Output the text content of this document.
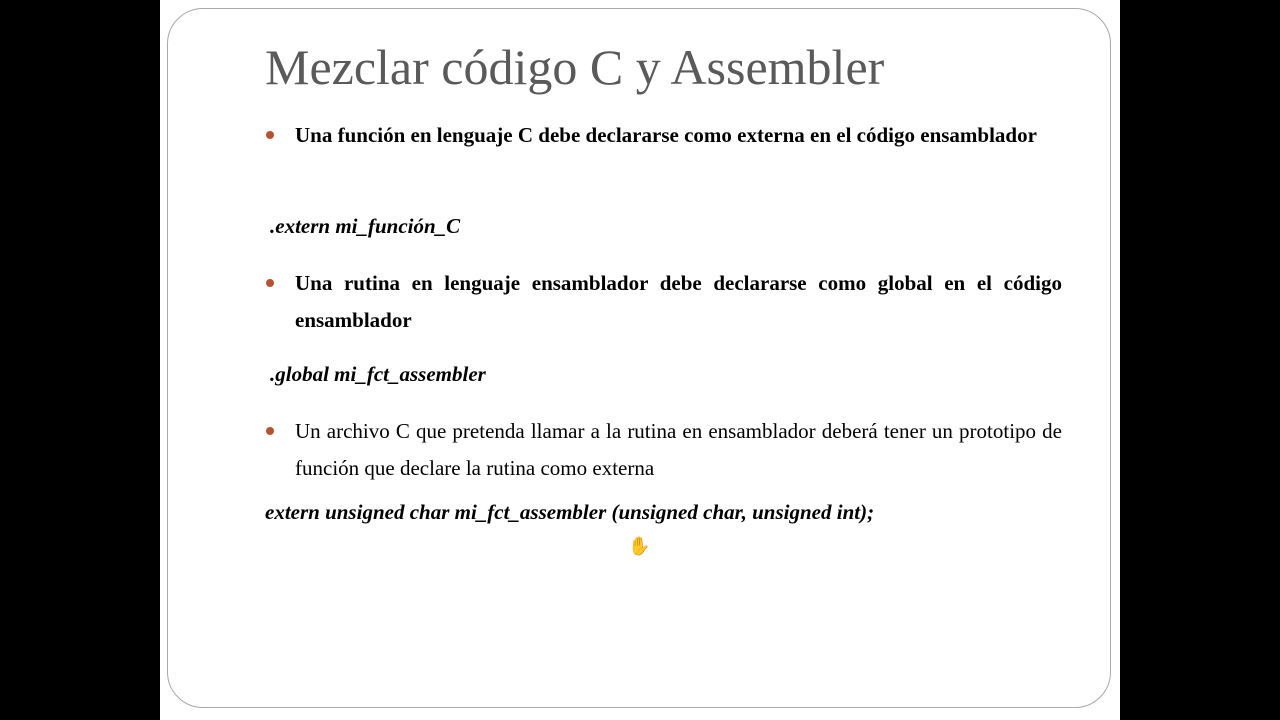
Mezclar código C y Assembler
Una función en lenguaje C debe declararse como externa en el código ensamblador
.extern mi_función_C
Una rutina en lenguaje ensamblador debe declararse como global en el código ensamblador
.global mi_fct_assembler
Un archivo C que pretenda llamar a la rutina en ensamblador deberá tener un prototipo de función que declare la rutina como externa
extern unsigned char mi_fct_assembler (unsigned char, unsigned int);
✋
